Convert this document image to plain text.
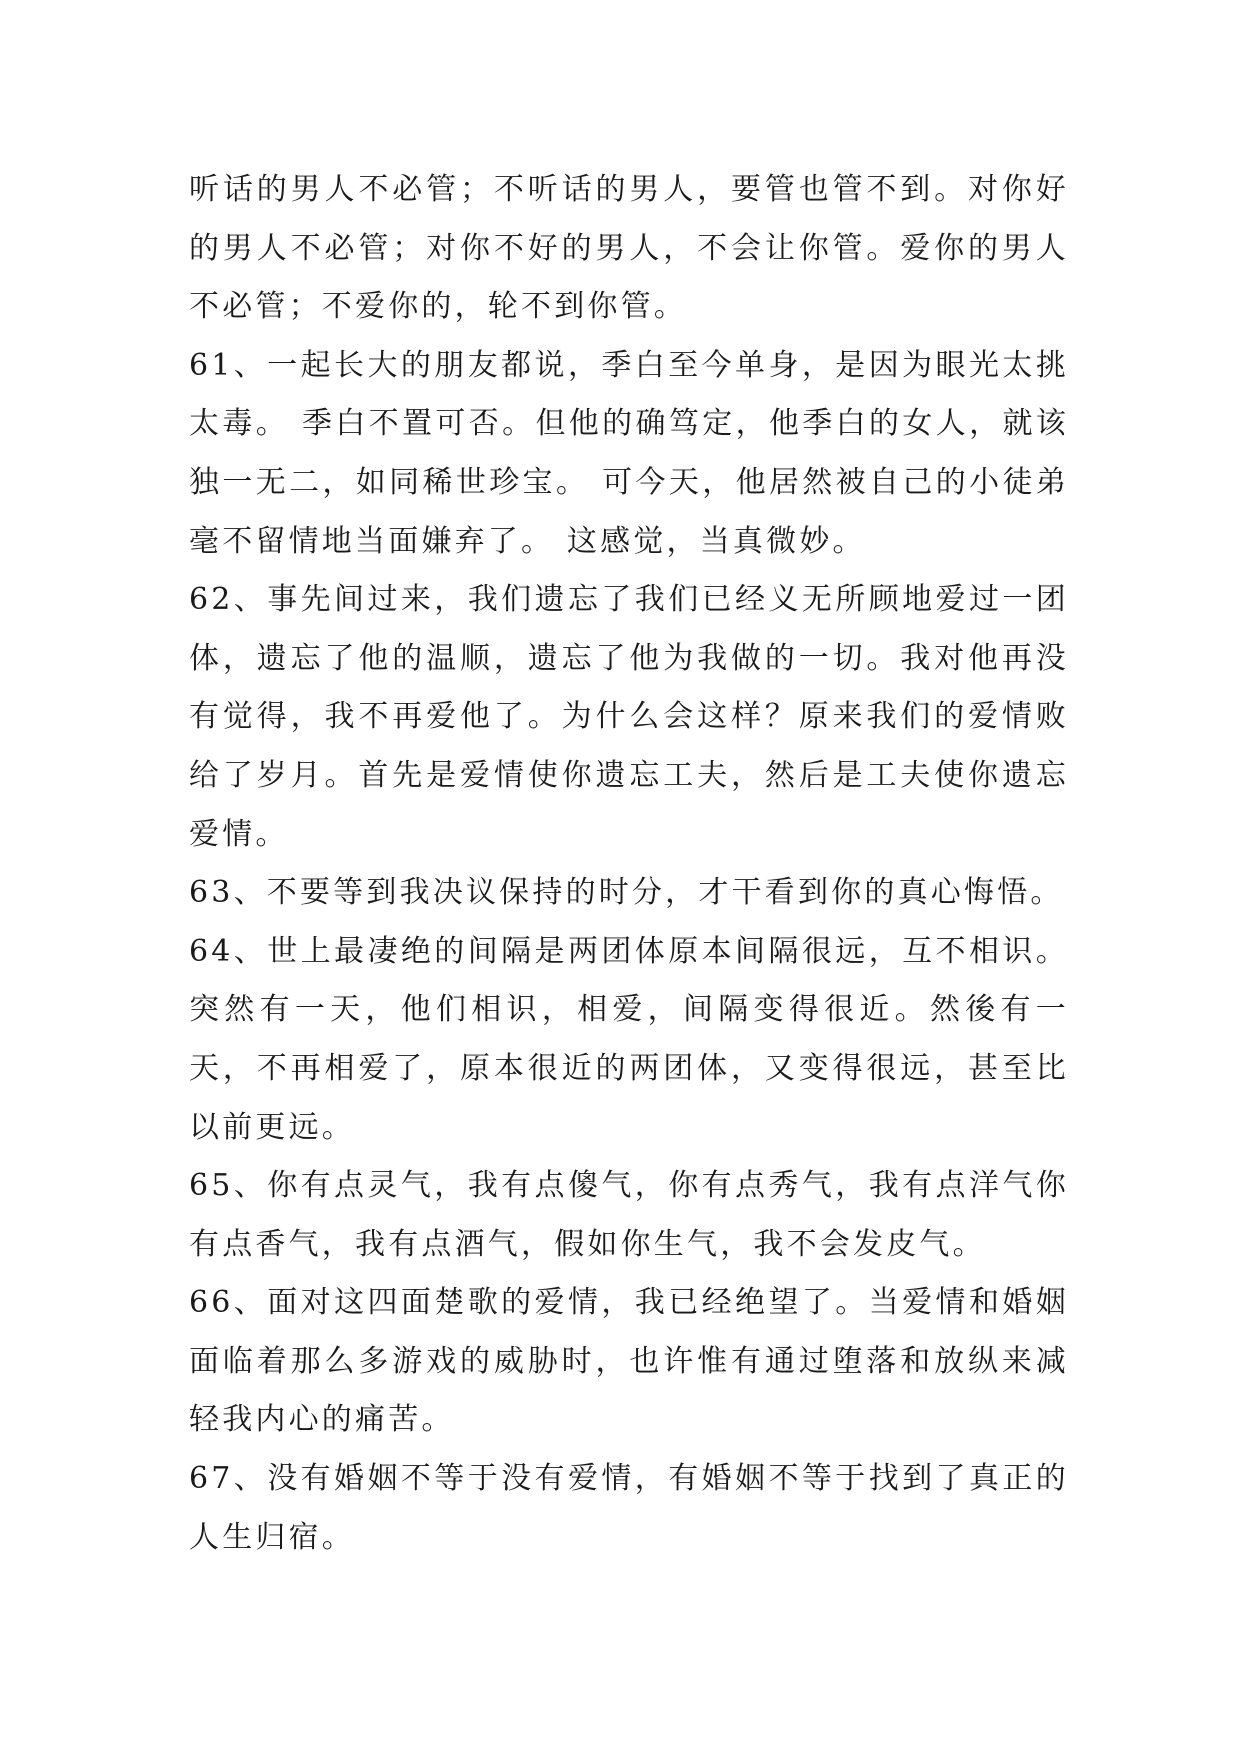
听话的男人不必管；不听话的男人，要管也管不到。对你好的男人不必管；对你不好的男人，不会让你管。爱你的男人不必管；不爱你的，轮不到你管。

61、一起长大的朋友都说，季白至今单身，是因为眼光太挑太毒。 季白不置可否。但他的确笃定，他季白的女人，就该独一无二，如同稀世珍宝。 可今天，他居然被自己的小徒弟毫不留情地当面嫌弃了。 这感觉，当真微妙。

62、事先间过来，我们遗忘了我们已经义无所顾地爱过一团体，遗忘了他的温顺，遗忘了他为我做的一切。我对他再没有觉得，我不再爱他了。为什么会这样？原来我们的爱情败给了岁月。首先是爱情使你遗忘工夫，然后是工夫使你遗忘爱情。

63、不要等到我决议保持的时分，才干看到你的真心悔悟。

64、世上最凄绝的间隔是两团体原本间隔很远，互不相识。突然有一天，他们相识，相爱，间隔变得很近。然後有一天，不再相爱了，原本很近的两团体，又变得很远，甚至比以前更远。

65、你有点灵气，我有点傻气，你有点秀气，我有点洋气你有点香气，我有点酒气，假如你生气，我不会发皮气。

66、面对这四面楚歌的爱情，我已经绝望了。当爱情和婚姻面临着那么多游戏的威胁时，也许惟有通过堕落和放纵来减轻我内心的痛苦。

67、没有婚姻不等于没有爱情，有婚姻不等于找到了真正的人生归宿。
